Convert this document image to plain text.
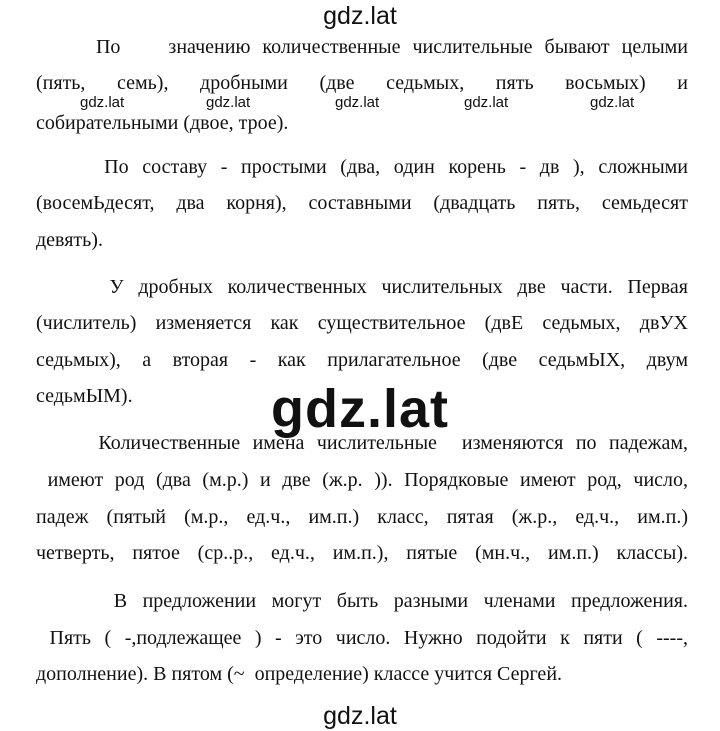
gdz.lat
gdz.lat	gdz.lat	gdz.lat	gdz.lat	gdz.lat
По    значению количественные числительные бывают целыми
(пять, семь), дробными (две седьмых, пять восьмых) и
собирательными (двое, трое).
По составу - простыми (два, один корень - дв ), сложными
(восемЬдесят, два корня), составными (двадцать пять, семьдесят
девять).
У дробных количественных числительных две части. Первая
(числитель) изменяется как существительное (двЕ седьмых, двУХ
седьмых), а вторая - как прилагательное (две седьмЫХ, двум
седьмЫМ).
Количественные имена числительные  изменяются по падежам,
имеют род (два (м.р.) и две (ж.р. )). Порядковые имеют род, число,
падеж (пятый (м.р., ед.ч., им.п.) класс, пятая (ж.р., ед.ч., им.п.)
четверть, пятое (ср..р., ед.ч., им.п.), пятые (мн.ч., им.п.) классы).
В предложении могут быть разными членами предложения.
Пять ( -,подлежащее ) - это число. Нужно подойти к пяти ( ----,
дополнение). В пятом (~  определение) классе учится Сергей.
gdz.lat
gdz.lat
